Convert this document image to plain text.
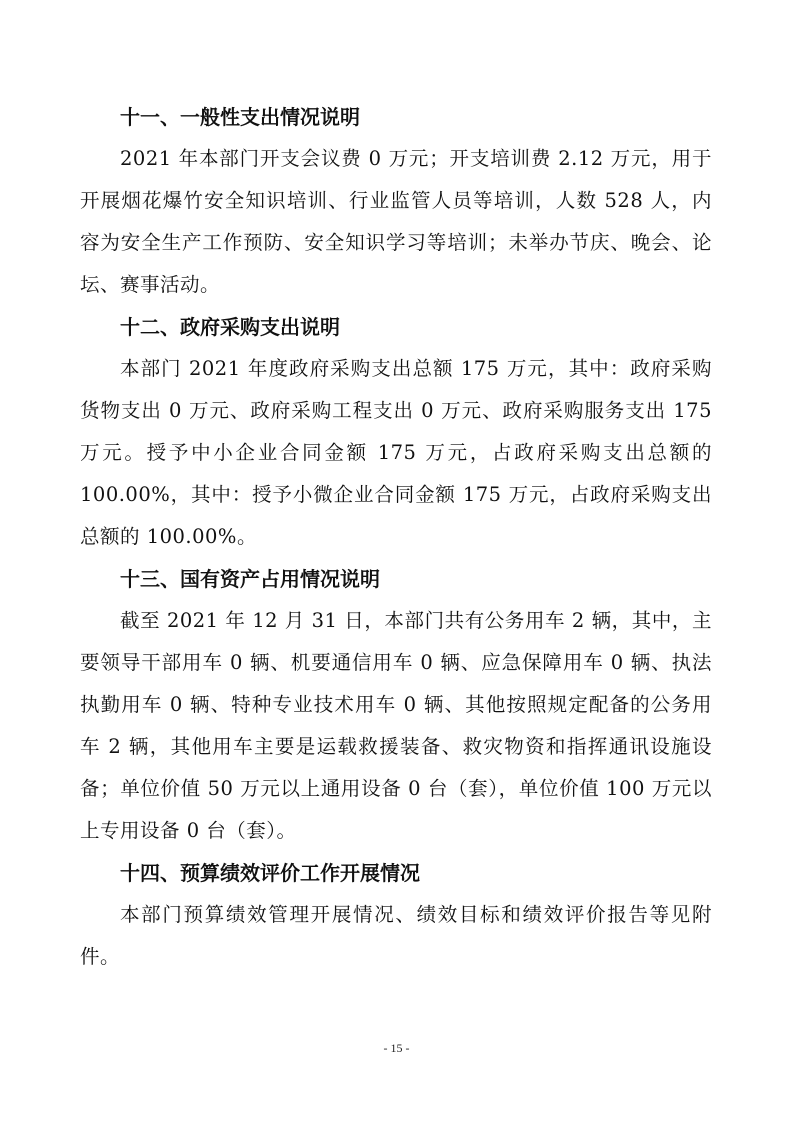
十一、一般性支出情况说明

2021 年本部门开支会议费 0 万元；开支培训费 2.12 万元，用于开展烟花爆竹安全知识培训、行业监管人员等培训，人数 528 人，内容为安全生产工作预防、安全知识学习等培训；未举办节庆、晚会、论坛、赛事活动。

十二、政府采购支出说明

本部门 2021 年度政府采购支出总额 175 万元，其中：政府采购货物支出 0 万元、政府采购工程支出 0 万元、政府采购服务支出 175 万元。授予中小企业合同金额 175 万元，占政府采购支出总额的 100.00%，其中：授予小微企业合同金额 175 万元，占政府采购支出总额的 100.00%。

十三、国有资产占用情况说明

截至 2021 年 12 月 31 日，本部门共有公务用车 2 辆，其中，主要领导干部用车 0 辆、机要通信用车 0 辆、应急保障用车 0 辆、执法执勤用车 0 辆、特种专业技术用车 0 辆、其他按照规定配备的公务用车 2 辆，其他用车主要是运载救援装备、救灾物资和指挥通讯设施设备；单位价值 50 万元以上通用设备 0 台（套），单位价值 100 万元以上专用设备 0 台（套）。

十四、预算绩效评价工作开展情况

本部门预算绩效管理开展情况、绩效目标和绩效评价报告等见附件。

- 15 -
